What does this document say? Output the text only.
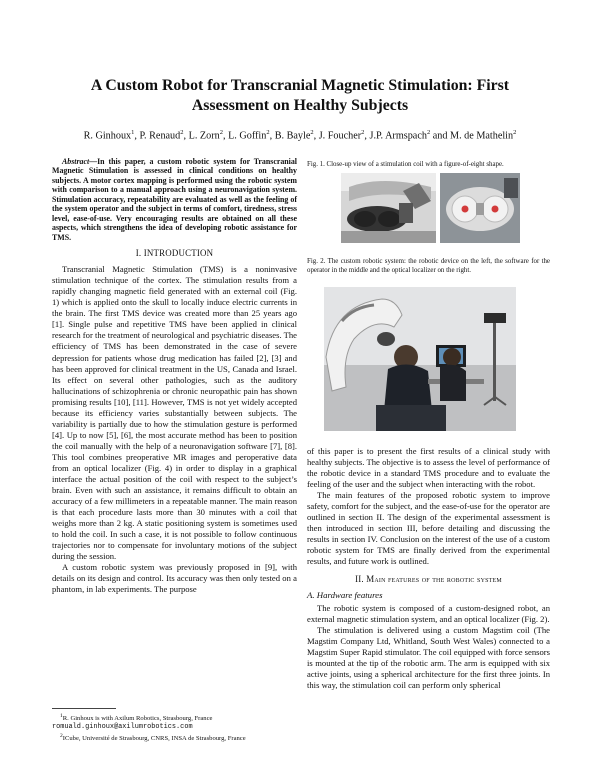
A Custom Robot for Transcranial Magnetic Stimulation: First
Assessment on Healthy Subjects
R. Ginhoux$^1$, P. Renaud$^2$, L. Zorn$^2$, L. Goffin$^2$, B. Bayle$^2$, J. Foucher$^2$, J.P. Armspach$^2$ and M. de Mathelin$^2$

Abstract—In this paper, a custom robotic system for Transcranial Magnetic Stimulation is assessed in clinical conditions on healthy subjects. A motor cortex mapping is performed using the robotic system with comparison to a manual approach using a neuronavigation system. Stimulation accuracy, repeatability are evaluated as well as the feeling of the system operator and the subject in terms of comfort, tiredness, stress level, ease-of-use. Very encouraging results are obtained on all these aspects, which strengthens the idea of developing robotic assistance for TMS.

I. INTRODUCTION

Transcranial Magnetic Stimulation (TMS) is a noninvasive stimulation technique of the cortex. The stimulation results from a rapidly changing magnetic field generated with an external coil (Fig. 1) which is applied onto the skull to locally induce electric currents in the brain. The first TMS device was created more than 25 years ago [1]. Single pulse and repetitive TMS have been applied in clinical research for the treatment of neurological and psychiatric diseases. The efficiency of TMS has been demonstrated in the case of severe depression for patients whose drug medication has failed [2], [3] and has been approved for clinical treatment in the US, Canada and Israel. Its effect on several other pathologies, such as the auditory hallucinations of schizophrenia or chronic neuropathic pain has shown promising results [10], [11]. However, TMS is not yet widely accepted because its efficiency varies substantially between subjects. The variability is partially due to how the stimulation gesture is performed [4]. Up to now [5], [6], the most accurate method has been to position the coil manually with the help of a neuronavigation software [7], [8]. This tool combines preoperative MR images and peroperative data from an optical localizer (Fig. 4) in order to display in a graphical interface the actual position of the coil with respect to the subject’s brain. Even with such an assistance, it remains difficult to obtain an accuracy of a few millimeters in a repeatable manner. The main reason is that each procedure lasts more than 30 minutes with a coil that weighs more than 2 kg. A static positioning system is sometimes used to hold the coil. In such a case, it is not possible to follow continuous trajectories nor to compensate for involuntary motions of the subject during the session.

A custom robotic system was previously proposed in [9], with details on its design and control. Its accuracy was then only tested on a phantom, in lab experiments. The purpose

$^1$R. Ginhoux is with Axilum Robotics, Strasbourg, France
romuald.ginhoux@axilumrobotics.com

$^2$ICube, Université de Strasbourg, CNRS, INSA de Strasbourg, France

Fig. 1. Close-up view of a stimulation coil with a figure-of-eight shape.
Fig. 2. The custom robotic system: the robotic device on the left, the software for the operator in the middle and the optical localizer on the right.

of this paper is to present the first results of a clinical study with healthy subjects. The objective is to assess the level of performance of the robotic device in a standard TMS procedure and to evaluate the feeling of the user and the subject when interacting with the robot.

The main features of the proposed robotic system to improve safety, comfort for the subject, and the ease-of-use for the operator are outlined in section II. The design of the experimental assessment is then introduced in section III, before detailing and discussing the results in section IV. Conclusion on the interest of the use of a custom robotic system for TMS are finally derived from the experimental results, and future work is outlined.

II. Main features of the robotic system
A. Hardware features

The robotic system is composed of a custom-designed robot, an external magnetic stimulation system, and an optical localizer (Fig. 2).

The stimulation is delivered using a custom Magstim coil (The Magstim Company Ltd, Whitland, South West Wales) connected to a Magstim Super Rapid stimulator. The coil equipped with force sensors is mounted at the tip of the robotic arm. The arm is equipped with six active joints, using a spherical architecture for the first three joints. In this way, the stimulation coil can perform only spherical
